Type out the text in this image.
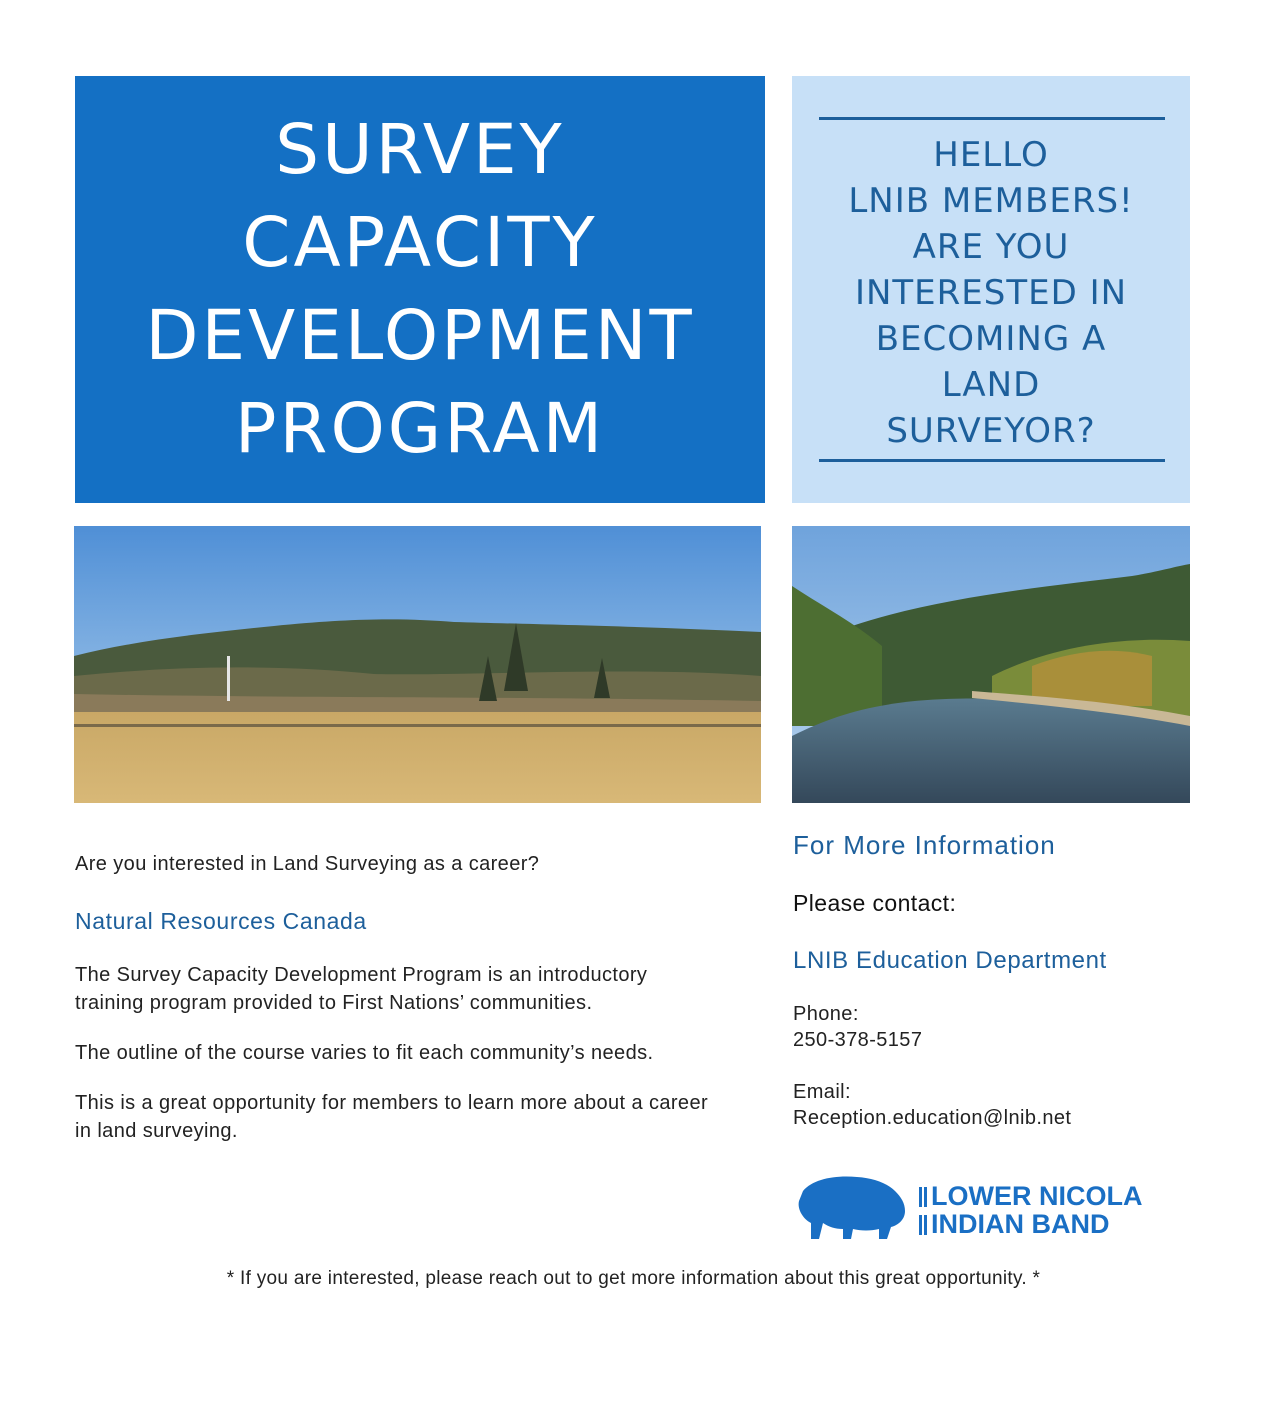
SURVEY
CAPACITY
DEVELOPMENT
PROGRAM
HELLO
LNIB MEMBERS!
ARE YOU
INTERESTED IN
BECOMING A
LAND
SURVEYOR?

Are you interested in Land Surveying as a career?

Natural Resources Canada

The Survey Capacity Development Program is an introductory training program provided to First Nations’ communities.

The outline of the course varies to fit each community’s needs.

This is a great opportunity for members to learn more about a career in land surveying.

For More Information

Please contact:

LNIB Education Department

Phone:

250-378-5157

Email:

Reception.education@lnib.net

LOWER NICOLA
INDIAN BAND
* If you are interested, please reach out to get more information about this great opportunity. *
